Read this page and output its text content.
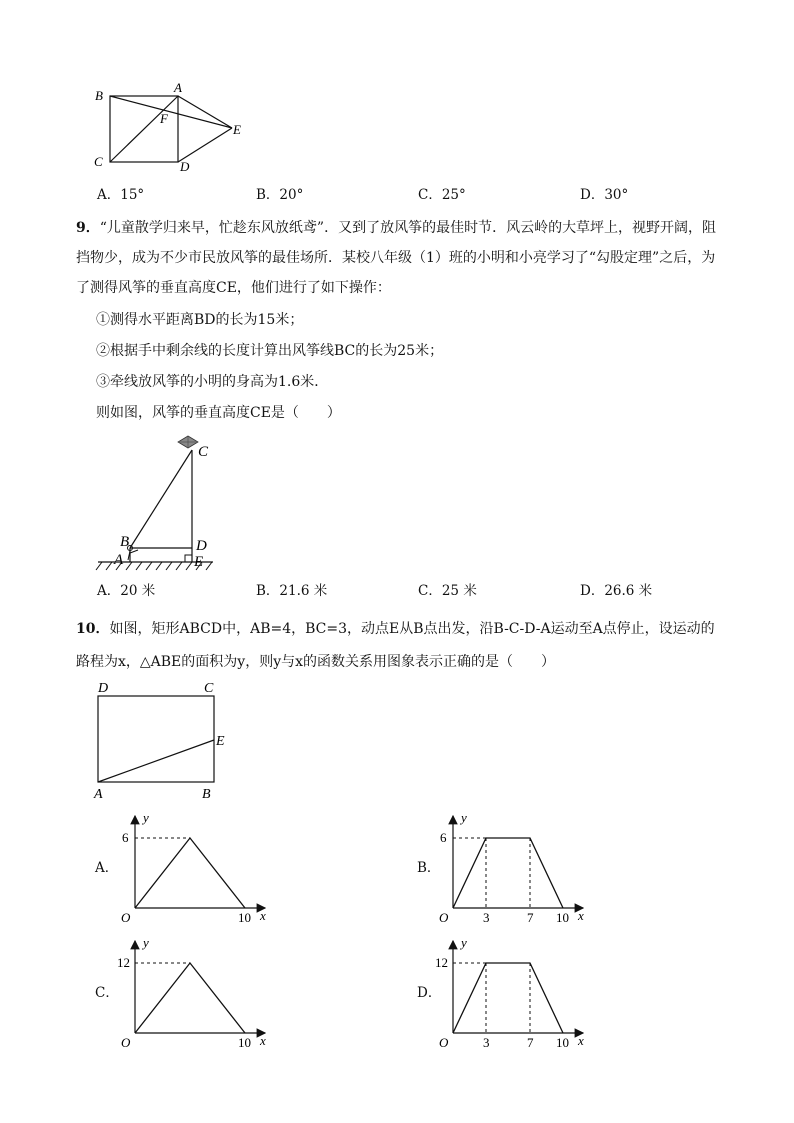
B
A
F
E
C	D
A．15°	B．20°	C．25°	D．30°
9．“儿童散学归来早，忙趁东风放纸鸢”．又到了放风筝的最佳时节．风云岭的大草坪上，视野开阔，阻
挡物少，成为不少市民放风筝的最佳场所．某校八年级（1）班的小明和小亮学习了“勾股定理”之后，为
了测得风筝的垂直高度CE，他们进行了如下操作：
①测得水平距离BD的长为15米；
②根据手中剩余线的长度计算出风筝线BC的长为25米；
③牵线放风筝的小明的身高为1.6米．
则如图，风筝的垂直高度CE是（　　）
C
B	D
A	E
A．20 米	B．21.6 米	C．25 米	D．26.6 米
10．如图，矩形ABCD中，AB=4，BC=3，动点E从B点出发，沿B-C-D-A运动至A点停止，设运动的
路程为x，△ABE的面积为y，则y与x的函数关系用图象表示正确的是（　　）
D	C
E
A	B
A．
x
y
O
6
10
B．
x
y
O
6
3	7 10
C．
x
y
O
12
10
D．
x
y
O
12
3	7 10
